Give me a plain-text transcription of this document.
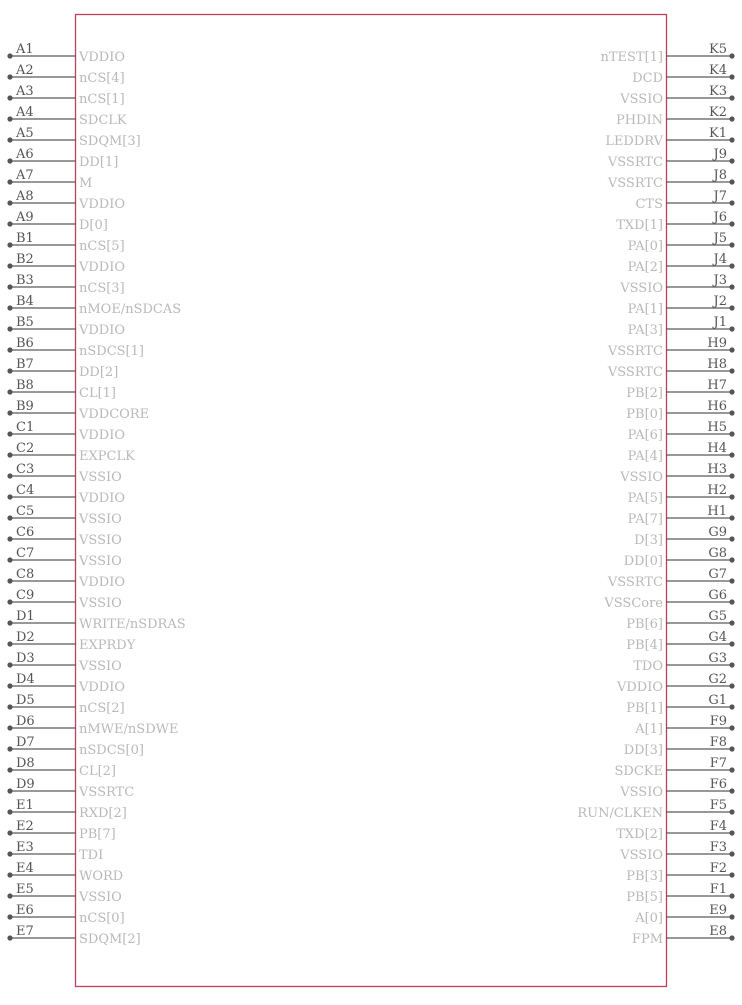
A1
VDDIO
A2
nCS[4]
A3
nCS[1]
A4
SDCLK
A5
SDQM[3]
A6
DD[1]
A7
M
A8
VDDIO
A9
D[0]
B1
nCS[5]
B2
VDDIO
B3
nCS[3]
B4
nMOE/nSDCAS
B5
VDDIO
B6
nSDCS[1]
B7
DD[2]
B8
CL[1]
B9
VDDCORE
C1
VDDIO
C2
EXPCLK
C3
VSSIO
C4
VDDIO
C5
VSSIO
C6
VSSIO
C7
VSSIO
C8
VDDIO
C9
VSSIO
D1
WRITE/nSDRAS
D2
EXPRDY
D3
VSSIO
D4
VDDIO
D5
nCS[2]
D6
nMWE/nSDWE
D7
nSDCS[0]
D8
CL[2]
D9
VSSRTC
E1
RXD[2]
E2
PB[7]
E3
TDI
E4
WORD
E5
VSSIO
E6
nCS[0]
E7
SDQM[2]
K5
nTEST[1]
K4
DCD
K3
VSSIO
K2
PHDIN
K1
LEDDRV
J9
VSSRTC
J8
VSSRTC
J7
CTS
J6
TXD[1]
J5
PA[0]
J4
PA[2]
J3
VSSIO
J2
PA[1]
J1
PA[3]
H9
VSSRTC
H8
VSSRTC
H7
PB[2]
H6
PB[0]
H5
PA[6]
H4
PA[4]
H3
VSSIO
H2
PA[5]
H1
PA[7]
G9
D[3]
G8
DD[0]
G7
VSSRTC
G6
VSSCore
G5
PB[6]
G4
PB[4]
G3
TDO
G2
VDDIO
G1
PB[1]
F9
A[1]
F8
DD[3]
F7
SDCKE
F6
VSSIO
F5
RUN/CLKEN
F4
TXD[2]
F3
VSSIO
F2
PB[3]
F1
PB[5]
E9
A[0]
E8
FPM
